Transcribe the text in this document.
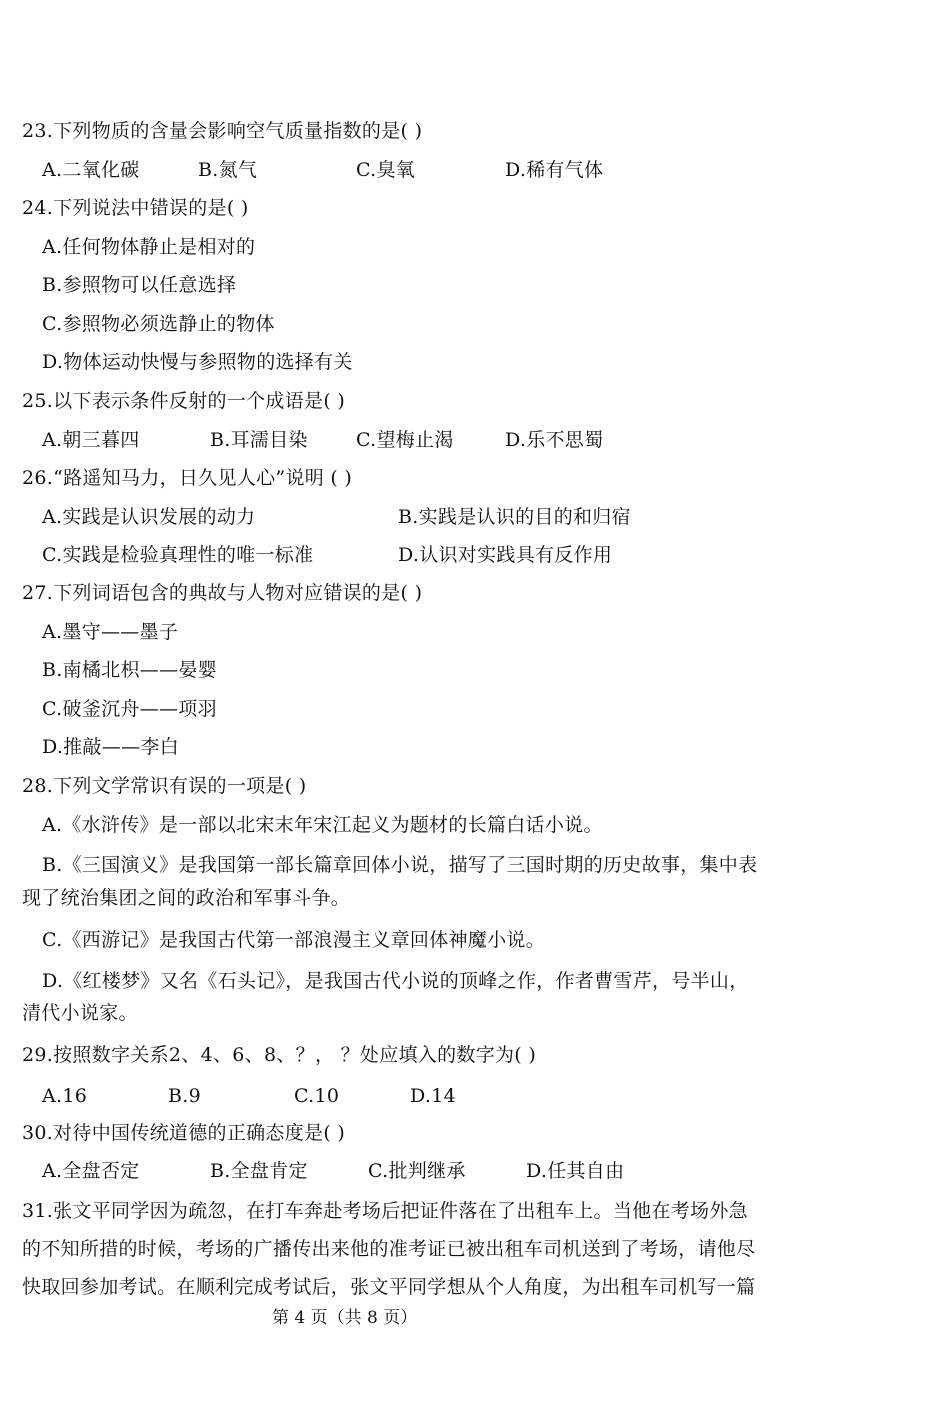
23.下列物质的含量会影响空气质量指数的是( )
A.二氧化碳	B.氮气	C.臭氧	D.稀有气体
24.下列说法中错误的是( )
A.任何物体静止是相对的
B.参照物可以任意选择
C.参照物必须选静止的物体
D.物体运动快慢与参照物的选择有关
25.以下表示条件反射的一个成语是( )
A.朝三暮四	B.耳濡目染	C.望梅止渴	D.乐不思蜀
26.“路遥知马力，日久见人心”说明 ( )
A.实践是认识发展的动力	B.实践是认识的目的和归宿
C.实践是检验真理性的唯一标准	D.认识对实践具有反作用
27.下列词语包含的典故与人物对应错误的是( )
A.墨守——墨子
B.南橘北枳——晏婴
C.破釜沉舟——项羽
D.推敲——李白
28.下列文学常识有误的一项是( )
A.《水浒传》是一部以北宋末年宋江起义为题材的长篇白话小说。
B.《三国演义》是我国第一部长篇章回体小说，描写了三国时期的历史故事，集中表
现了统治集团之间的政治和军事斗争。
C.《西游记》是我国古代第一部浪漫主义章回体神魔小说。
D.《红楼梦》又名《石头记》，是我国古代小说的顶峰之作，作者曹雪芹，号半山，
清代小说家。
29.按照数字关系2、4、6、8、？， ？处应填入的数字为( )
A.16	B.9	C.10	D.14
30.对待中国传统道德的正确态度是( )
A.全盘否定	B.全盘肯定	C.批判继承	D.任其自由
31.张文平同学因为疏忽，在打车奔赴考场后把证件落在了出租车上。当他在考场外急
的不知所措的时候，考场的广播传出来他的准考证已被出租车司机送到了考场，请他尽
快取回参加考试。在顺利完成考试后，张文平同学想从个人角度，为出租车司机写一篇
第 4 页（共 8 页）
